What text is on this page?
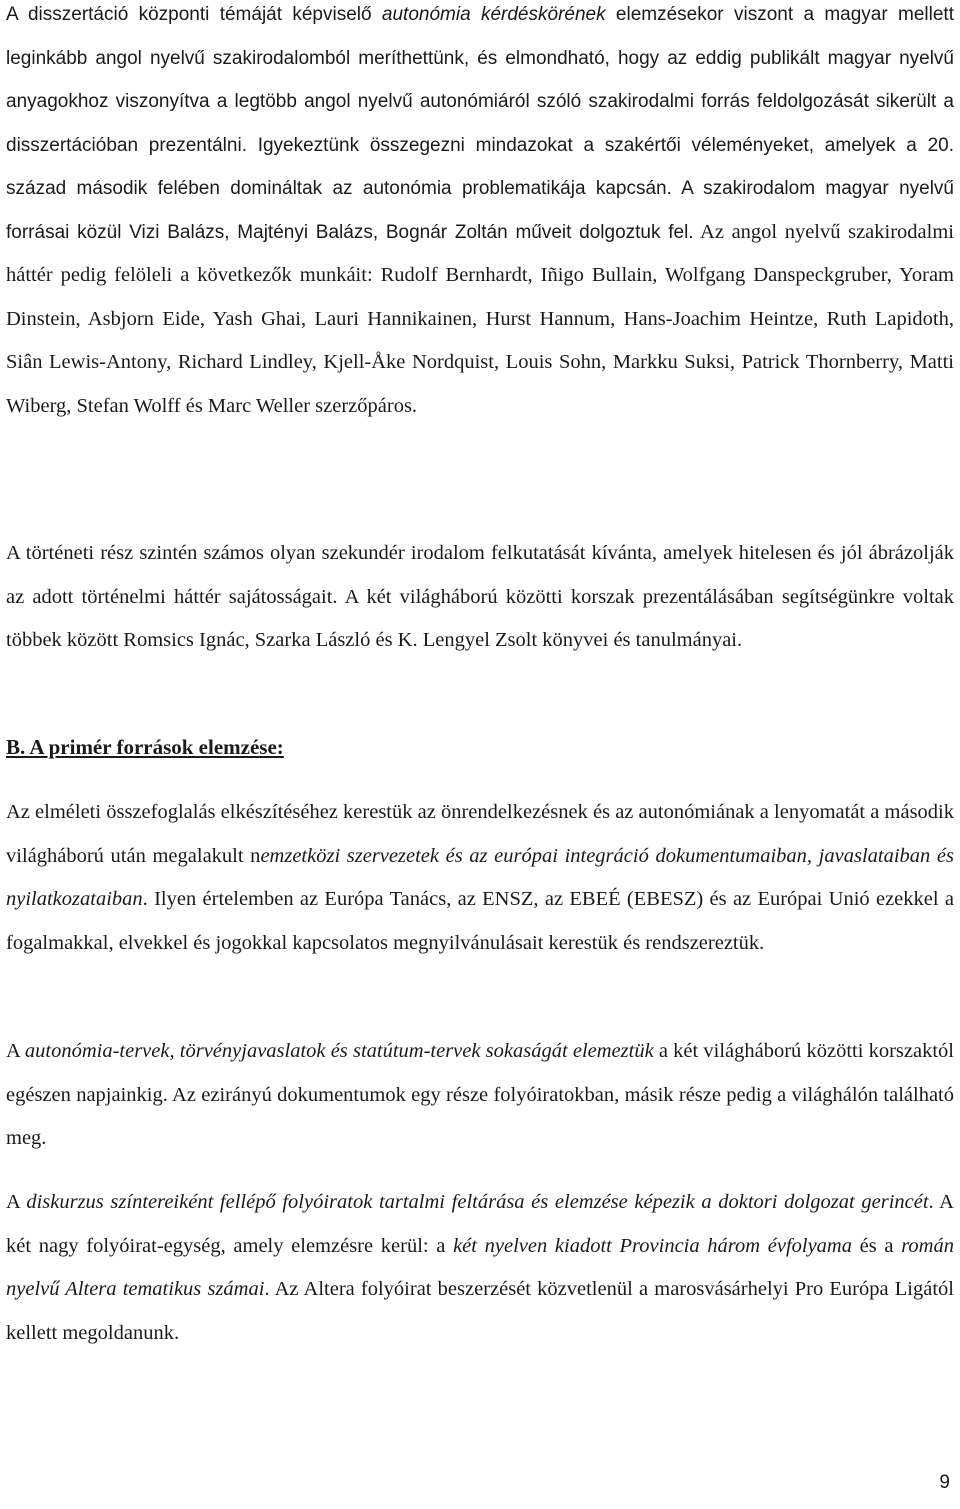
A disszertáció központi témáját képviselő autonómia kérdéskörének elemzésekor viszont a magyar mellett leginkább angol nyelvű szakirodalomból meríthettünk, és elmondható, hogy az eddig publikált magyar nyelvű anyagokhoz viszonyítva a legtöbb angol nyelvű autonómiáról szóló szakirodalmi forrás feldolgozását sikerült a disszertációban prezentálni. Igyekeztünk összegezni mindazokat a szakértői véleményeket, amelyek a 20. század második felében domináltak az autonómia problematikája kapcsán. A szakirodalom magyar nyelvű forrásai közül Vizi Balázs, Majtényi Balázs, Bognár Zoltán műveit dolgoztuk fel. Az angol nyelvű szakirodalmi háttér pedig felöleli a következők munkáit: Rudolf Bernhardt, Iñigo Bullain, Wolfgang Danspeckgruber, Yoram Dinstein, Asbjorn Eide, Yash Ghai, Lauri Hannikainen, Hurst Hannum, Hans-Joachim Heintze, Ruth Lapidoth, Siân Lewis-Antony, Richard Lindley, Kjell-Åke Nordquist, Louis Sohn, Markku Suksi, Patrick Thornberry, Matti Wiberg, Stefan Wolff és Marc Weller szerzőpáros.

A történeti rész szintén számos olyan szekundér irodalom felkutatását kívánta, amelyek hitelesen és jól ábrázolják az adott történelmi háttér sajátosságait. A két világháború közötti korszak prezentálásában segítségünkre voltak többek között Romsics Ignác, Szarka László és K. Lengyel Zsolt könyvei és tanulmányai.

B. A primér források elemzése:

Az elméleti összefoglalás elkészítéséhez kerestük az önrendelkezésnek és az autonómiának a lenyomatát a második világháború után megalakult nemzetközi szervezetek és az európai integráció dokumentumaiban, javaslataiban és nyilatkozataiban. Ilyen értelemben az Európa Tanács, az ENSZ, az EBEÉ (EBESZ) és az Európai Unió ezekkel a fogalmakkal, elvekkel és jogokkal kapcsolatos megnyilvánulásait kerestük és rendszereztük.

A autonómia-tervek, törvényjavaslatok és statútum-tervek sokaságát elemeztük a két világháború közötti korszaktól egészen napjainkig. Az ezirányú dokumentumok egy része folyóiratokban, másik része pedig a világhálón található meg.

A diskurzus színtereiként fellépő folyóiratok tartalmi feltárása és elemzése képezik a doktori dolgozat gerincét. A két nagy folyóirat-egység, amely elemzésre kerül: a két nyelven kiadott Provincia három évfolyama és a román nyelvű Altera tematikus számai. Az Altera folyóirat beszerzését közvetlenül a marosvásárhelyi Pro Európa Ligától kellett megoldanunk.

9
